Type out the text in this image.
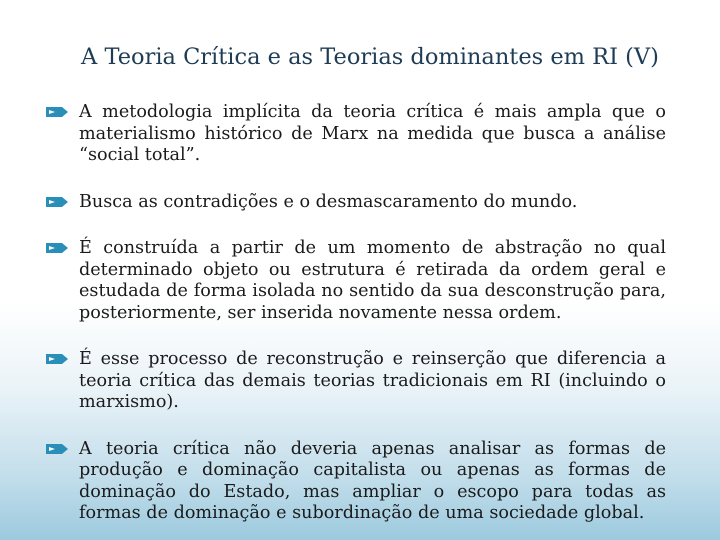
A Teoria Crítica e as Teorias dominantes em RI (V)
A metodologia implícita da teoria crítica é mais ampla que o materialismo histórico de Marx na medida que busca a análise “social total”.
Busca as contradições e o desmascaramento do mundo.
É construída a partir de um momento de abstração no qual determinado objeto ou estrutura é retirada da ordem geral e estudada de forma isolada no sentido da sua desconstrução para, posteriormente, ser inserida novamente nessa ordem.
É esse processo de reconstrução e reinserção que diferencia a teoria crítica das demais teorias tradicionais em RI (incluindo o marxismo).
A teoria crítica não deveria apenas analisar as formas de produção e dominação capitalista ou apenas as formas de dominação do Estado, mas ampliar o escopo para todas as formas de dominação e subordinação de uma sociedade global.
